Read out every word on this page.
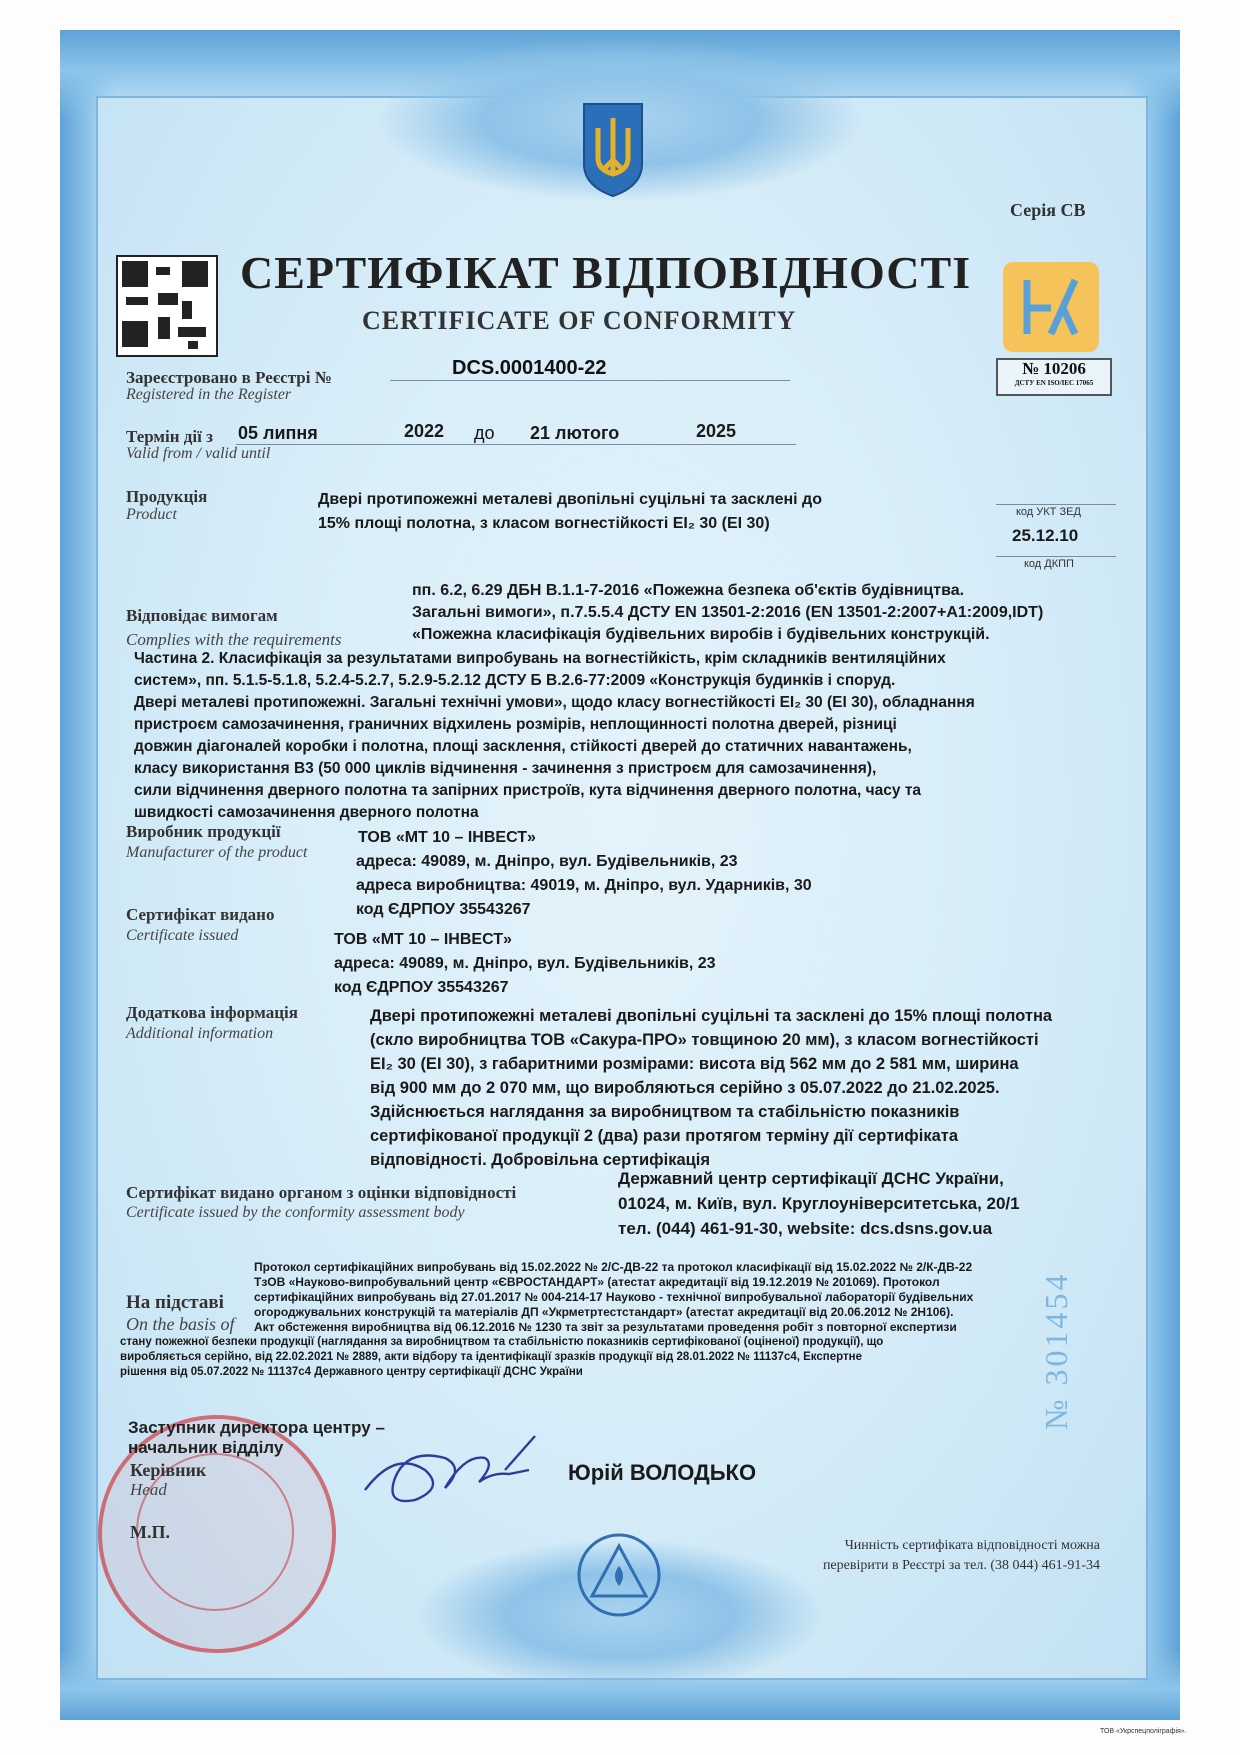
Серія СВ
СЕРТИФІКАТ ВІДПОВІДНОСТІ
CERTIFICATE OF CONFORMITY
№ 10206
ДСТУ EN ISO/IEC 17065
Зареєстровано в Реєстрі №
Registered in the Register
DCS.0001400-22
Термін дії з
Valid from / valid until
05 липня	2022 до 21 лютого	2025
Продукція
Product
Двері протипожежні металеві двопільні суцільні та засклені до
15% площі полотна, з класом вогнестійкості EI₂ 30 (EI 30)
код УКТ ЗЕД
25.12.10
код ДКПП
Відповідає вимогам
Complies with the requirements
пп. 6.2, 6.29 ДБН В.1.1-7-2016 «Пожежна безпека об'єктів будівництва.
Загальні вимоги», п.7.5.5.4 ДСТУ EN 13501-2:2016 (EN 13501-2:2007+A1:2009,IDT)
«Пожежна класифікація будівельних виробів і будівельних конструкцій.
Частина 2. Класифікація за результатами випробувань на вогнестійкість, крім складників вентиляційних
систем», пп. 5.1.5-5.1.8, 5.2.4-5.2.7, 5.2.9-5.2.12 ДСТУ Б В.2.6-77:2009 «Конструкція будинків і споруд.
Двері металеві протипожежні. Загальні технічні умови», щодо класу вогнестійкості EI₂ 30 (EI 30), обладнання
пристроєм самозачинення, граничних відхилень розмірів, неплощинності полотна дверей, різниці
довжин діагоналей коробки і полотна, площі засклення, стійкості дверей до статичних навантажень,
класу використання В3 (50 000 циклів відчинення - зачинення з пристроєм для самозачинення),
сили відчинення дверного полотна та запірних пристроїв, кута відчинення дверного полотна, часу та
швидкості самозачинення дверного полотна
Виробник продукції
Manufacturer of the product
ТОВ «МТ 10 – ІНВЕСТ»
адреса: 49089, м. Дніпро, вул. Будівельників, 23
адреса виробництва: 49019, м. Дніпро, вул. Ударників, 30
код ЄДРПОУ 35543267
Сертифікат видано
Certificate issued	ТОВ «МТ 10 – ІНВЕСТ»
адреса: 49089, м. Дніпро, вул. Будівельників, 23
код ЄДРПОУ 35543267
Додаткова інформація
Additional information
Двері протипожежні металеві двопільні суцільні та засклені до 15% площі полотна
(скло виробництва ТОВ «Сакура-ПРО» товщиною 20 мм), з класом вогнестійкості
EI₂ 30 (EI 30), з габаритними розмірами: висота від 562 мм до 2 581 мм, ширина
від 900 мм до 2 070 мм, що виробляються серійно з 05.07.2022 до 21.02.2025.
Здійснюється наглядання за виробництвом та стабільністю показників
сертифікованої продукції 2 (два) рази протягом терміну дії сертифіката
відповідності. Добровільна сертифікація
Сертифікат видано органом з оцінки відповідності
Certificate issued by the conformity assessment body
Державний центр сертифікації ДСНС України,
01024, м. Київ, вул. Круглоуніверситетська, 20/1
тел. (044) 461-91-30, website: dcs.dsns.gov.ua
На підставі
On the basis of
Протокол сертифікаційних випробувань від 15.02.2022 № 2/С-ДВ-22 та протокол класифікації від 15.02.2022 № 2/К-ДВ-22
ТзОВ «Науково-випробувальний центр «ЄВРОСТАНДАРТ» (атестат акредитації від 19.12.2019 № 201069). Протокол
сертифікаційних випробувань від 27.01.2017 № 004-214-17 Науково - технічної випробувальної лабораторії будівельних
огороджувальних конструкцій та матеріалів ДП «Укрметртестстандарт» (атестат акредитації від 20.06.2012 № 2Н106).
Акт обстеження виробництва від 06.12.2016 № 1230 та звіт за результатами проведення робіт з повторної експертизи
стану пожежної безпеки продукції (наглядання за виробництвом та стабільністю показників сертифікованої (оціненої) продукції), що
виробляється серійно, від 22.02.2021 № 2889, акти відбору та ідентифікації зразків продукції від 28.01.2022 № 11137с4, Експертне
рішення від 05.07.2022 № 11137с4 Державного центру сертифікації ДСНС України
Заступник директора центру –
начальник відділу
Керівник
Head
М.П.
Юрій ВОЛОДЬКО
№ 301454
Чинність сертифіката відповідності можна
перевірити в Реєстрі за тел. (38 044) 461-91-34
ТОВ «Укрспецполіграфія».
